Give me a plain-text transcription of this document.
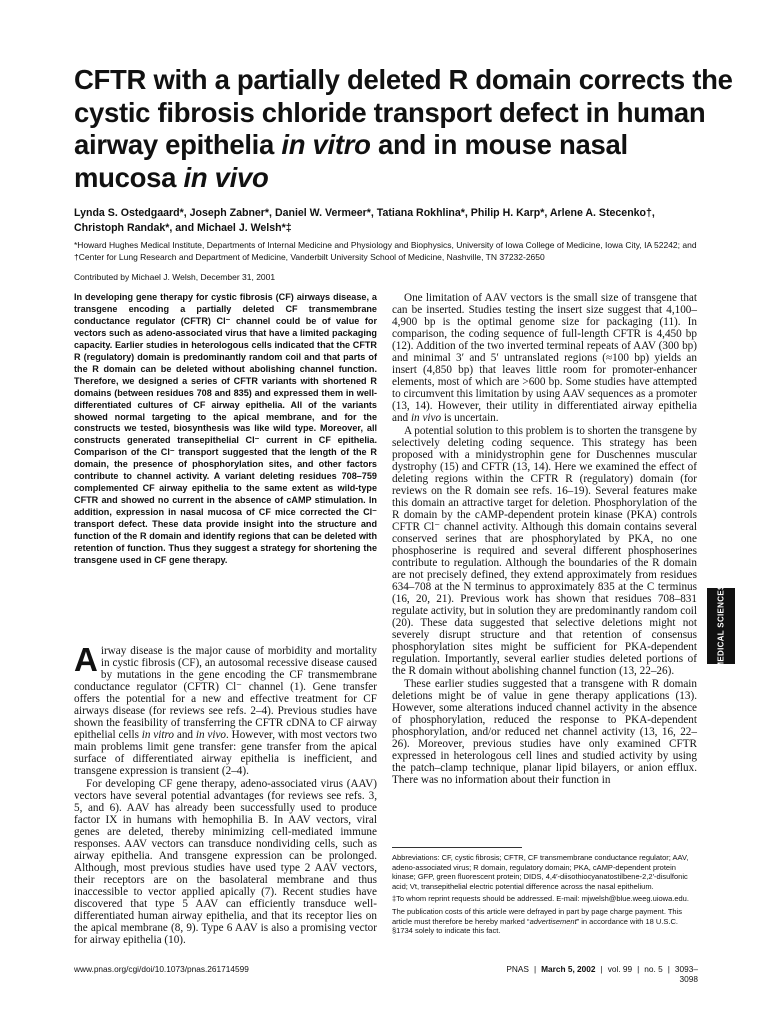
CFTR with a partially deleted R domain corrects the cystic fibrosis chloride transport defect in human airway epithelia in vitro and in mouse nasal mucosa in vivo

Lynda S. Ostedgaard*, Joseph Zabner*, Daniel W. Vermeer*, Tatiana Rokhlina*, Philip H. Karp*, Arlene A. Stecenko†, Christoph Randak*, and Michael J. Welsh*‡

*Howard Hughes Medical Institute, Departments of Internal Medicine and Physiology and Biophysics, University of Iowa College of Medicine, Iowa City, IA 52242; and †Center for Lung Research and Department of Medicine, Vanderbilt University School of Medicine, Nashville, TN 37232-2650

Contributed by Michael J. Welsh, December 31, 2001

In developing gene therapy for cystic fibrosis (CF) airways disease, a transgene encoding a partially deleted CF transmembrane conductance regulator (CFTR) Cl⁻ channel could be of value for vectors such as adeno-associated virus that have a limited packaging capacity. Earlier studies in heterologous cells indicated that the CFTR R (regulatory) domain is predominantly random coil and that parts of the R domain can be deleted without abolishing channel function. Therefore, we designed a series of CFTR variants with shortened R domains (between residues 708 and 835) and expressed them in well-differentiated cultures of CF airway epithelia. All of the variants showed normal targeting to the apical membrane, and for the constructs we tested, biosynthesis was like wild type. Moreover, all constructs generated transepithelial Cl⁻ current in CF epithelia. Comparison of the Cl⁻ transport suggested that the length of the R domain, the presence of phosphorylation sites, and other factors contribute to channel activity. A variant deleting residues 708–759 complemented CF airway epithelia to the same extent as wild-type CFTR and showed no current in the absence of cAMP stimulation. In addition, expression in nasal mucosa of CF mice corrected the Cl⁻ transport defect. These data provide insight into the structure and function of the R domain and identify regions that can be deleted with retention of function. Thus they suggest a strategy for shortening the transgene used in CF gene therapy.

Airway disease is the major cause of morbidity and mortality in cystic fibrosis (CF), an autosomal recessive disease caused by mutations in the gene encoding the CF transmembrane conductance regulator (CFTR) Cl⁻ channel (1). Gene transfer offers the potential for a new and effective treatment for CF airways disease (for reviews see refs. 2–4). Previous studies have shown the feasibility of transferring the CFTR cDNA to CF airway epithelial cells in vitro and in vivo. However, with most vectors two main problems limit gene transfer: gene transfer from the apical surface of differentiated airway epithelia is inefficient, and transgene expression is transient (2–4).

For developing CF gene therapy, adeno-associated virus (AAV) vectors have several potential advantages (for reviews see refs. 3, 5, and 6). AAV has already been successfully used to produce factor IX in humans with hemophilia B. In AAV vectors, viral genes are deleted, thereby minimizing cell-mediated immune responses. AAV vectors can transduce nondividing cells, such as airway epithelia. And transgene expression can be prolonged. Although, most previous studies have used type 2 AAV vectors, their receptors are on the basolateral membrane and thus inaccessible to vector applied apically (7). Recent studies have discovered that type 5 AAV can efficiently transduce well-differentiated human airway epithelia, and that its receptor lies on the apical membrane (8, 9). Type 6 AAV is also a promising vector for airway epithelia (10).

One limitation of AAV vectors is the small size of transgene that can be inserted. Studies testing the insert size suggest that 4,100–4,900 bp is the optimal genome size for packaging (11). In comparison, the coding sequence of full-length CFTR is 4,450 bp (12). Addition of the two inverted terminal repeats of AAV (300 bp) and minimal 3′ and 5′ untranslated regions (≈100 bp) yields an insert (4,850 bp) that leaves little room for promoter-enhancer elements, most of which are >600 bp. Some studies have attempted to circumvent this limitation by using AAV sequences as a promoter (13, 14). However, their utility in differentiated airway epithelia and in vivo is uncertain.

A potential solution to this problem is to shorten the transgene by selectively deleting coding sequence. This strategy has been proposed with a minidystrophin gene for Duschennes muscular dystrophy (15) and CFTR (13, 14). Here we examined the effect of deleting regions within the CFTR R (regulatory) domain (for reviews on the R domain see refs. 16–19). Several features make this domain an attractive target for deletion. Phosphorylation of the R domain by the cAMP-dependent protein kinase (PKA) controls CFTR Cl⁻ channel activity. Although this domain contains several conserved serines that are phosphorylated by PKA, no one phosphoserine is required and several different phosphoserines contribute to regulation. Although the boundaries of the R domain are not precisely defined, they extend approximately from residues 634–708 at the N terminus to approximately 835 at the C terminus (16, 20, 21). Previous work has shown that residues 708–831 regulate activity, but in solution they are predominantly random coil (20). These data suggested that selective deletions might not severely disrupt structure and that retention of consensus phosphorylation sites might be sufficient for PKA-dependent regulation. Importantly, several earlier studies deleted portions of the R domain without abolishing channel function (13, 22–26).

These earlier studies suggested that a transgene with R domain deletions might be of value in gene therapy applications (13). However, some alterations induced channel activity in the absence of phosphorylation, reduced the response to PKA-dependent phosphorylation, and/or reduced net channel activity (13, 16, 22–26). Moreover, previous studies have only examined CFTR expressed in heterologous cell lines and studied activity by using the patch–clamp technique, planar lipid bilayers, or anion efflux. There was no information about their function in

MEDICAL SCIENCES

Abbreviations: CF, cystic fibrosis; CFTR, CF transmembrane conductance regulator; AAV, adeno-associated virus; R domain, regulatory domain; PKA, cAMP-dependent protein kinase; GFP, green fluorescent protein; DIDS, 4,4′-diisothiocyanatostilbene-2,2′-disulfonic acid; Vt, transepithelial electric potential difference across the nasal epithelium.

‡To whom reprint requests should be addressed. E-mail: mjwelsh@blue.weeg.uiowa.edu.

The publication costs of this article were defrayed in part by page charge payment. This article must therefore be hereby marked “advertisement” in accordance with 18 U.S.C. §1734 solely to indicate this fact.

www.pnas.org/cgi/doi/10.1073/pnas.261714599	PNAS | March 5, 2002 | vol. 99 | no. 5 | 3093–3098
